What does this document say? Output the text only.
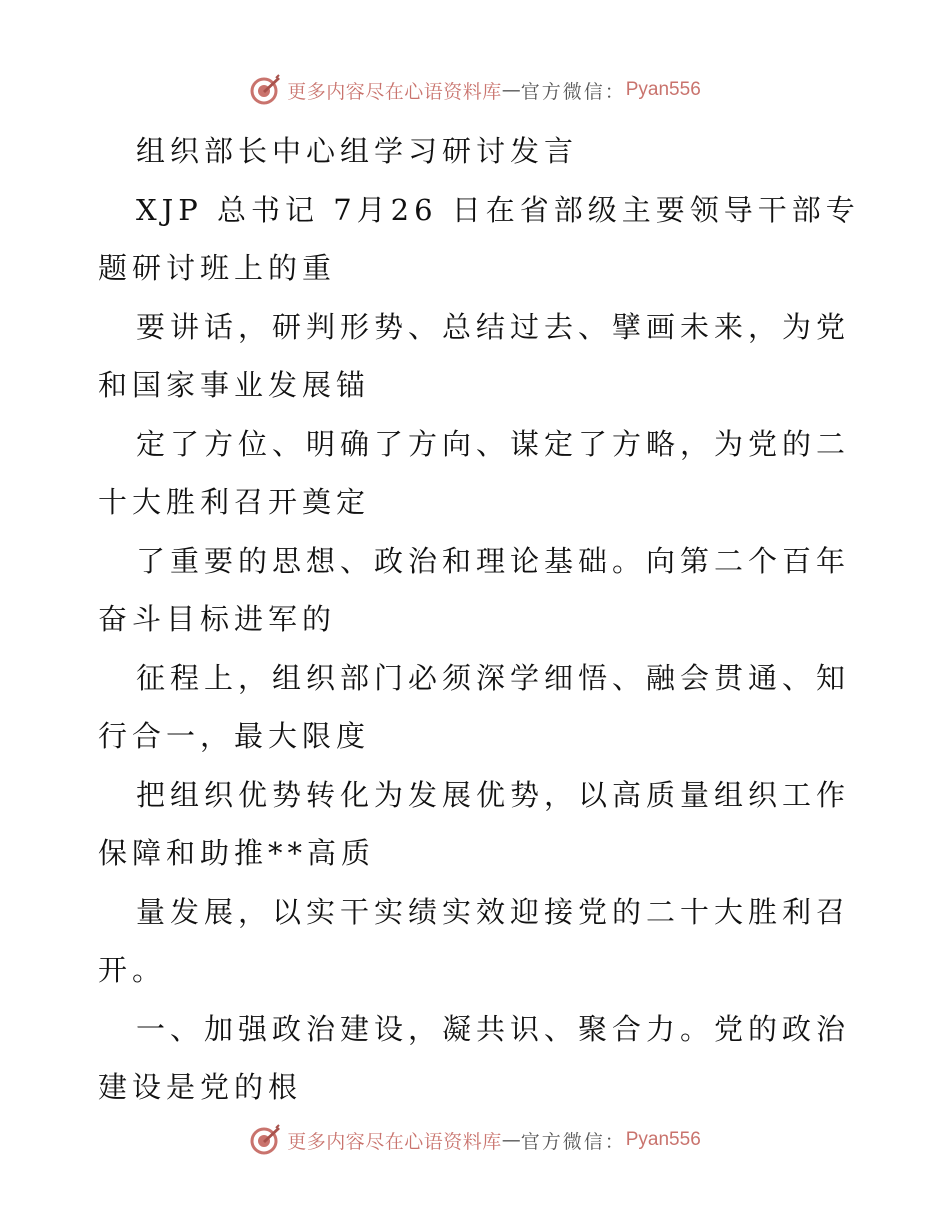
更多内容尽在心语资料库 — 官方微信： Pyan556
组织部长中心组学习研讨发言
XJP 总书记 7月26 日在省部级主要领导干部专
题研讨班上的重
要讲话，研判形势、总结过去、擘画未来，为党
和国家事业发展锚
定了方位、明确了方向、谋定了方略，为党的二
十大胜利召开奠定
了重要的思想、政治和理论基础。向第二个百年
奋斗目标进军的
征程上，组织部门必须深学细悟、融会贯通、知
行合一，最大限度
把组织优势转化为发展优势，以高质量组织工作
保障和助推**高质
量发展，以实干实绩实效迎接党的二十大胜利召
开。
一、加强政治建设，凝共识、聚合力。党的政治
建设是党的根
更多内容尽在心语资料库 — 官方微信： Pyan556
